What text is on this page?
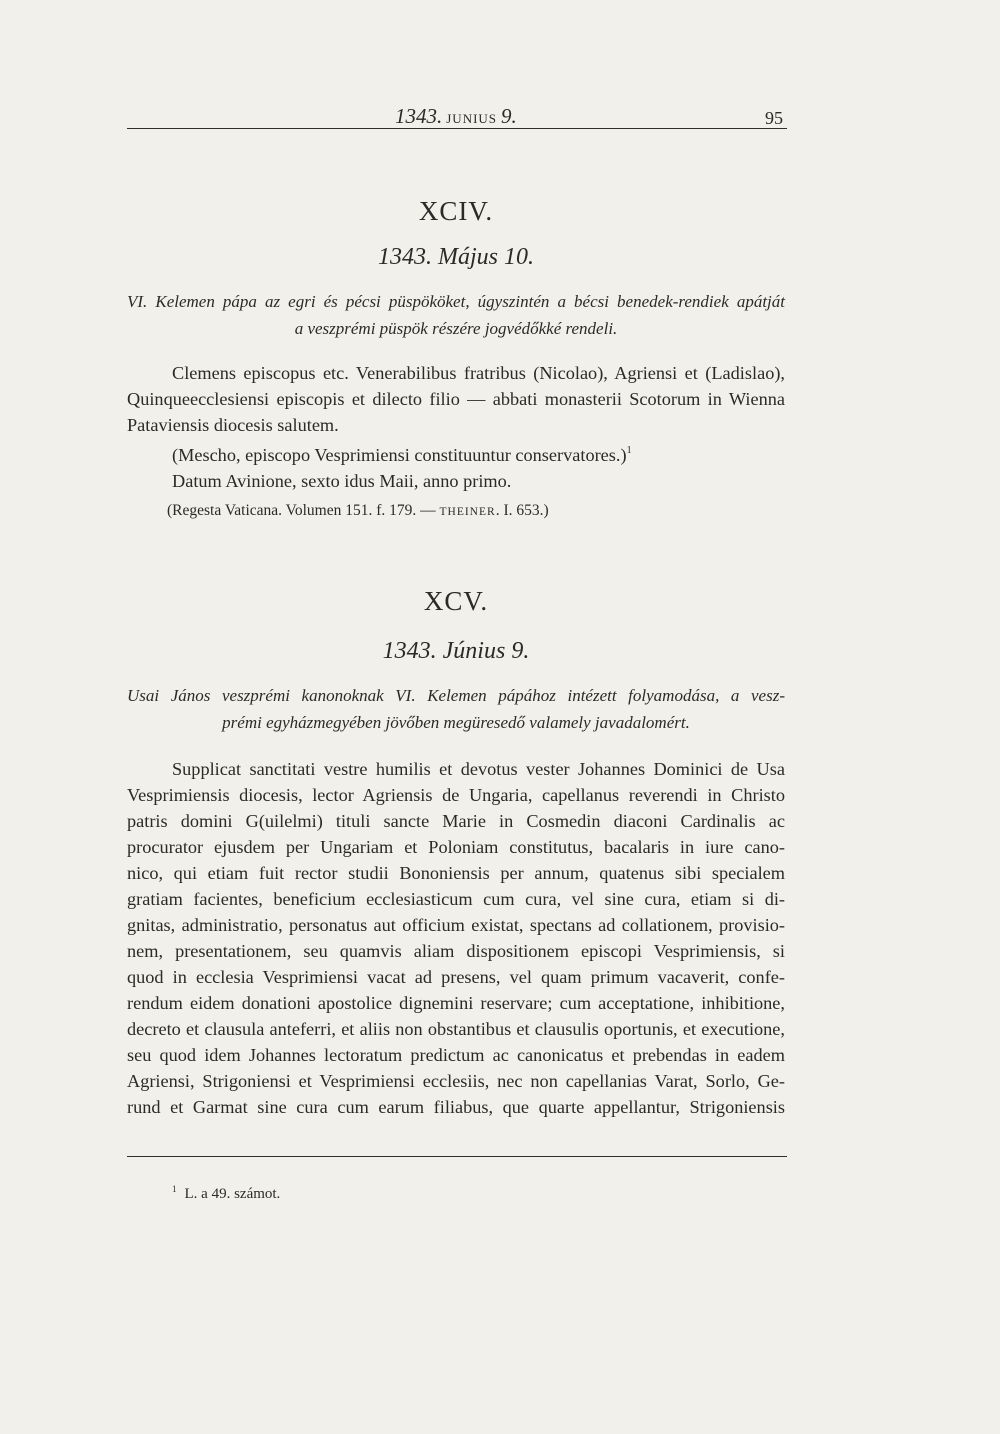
1343. JUNIUS 9.	95
XCIV.
1343. Május 10.
VI. Kelemen pápa az egri és pécsi püspököket, úgyszintén a bécsi benedek-rendiek apátját
a veszprémi püspök részére jogvédőkké rendeli.
Clemens episcopus etc. Venerabilibus fratribus (Nicolao), Agriensi et (Ladislao),
Quinqueecclesiensi episcopis et dilecto filio — abbati monasterii Scotorum in Wienna
Pataviensis diocesis salutem.
(Mescho, episcopo Vesprimiensi constituuntur conservatores.)$^1$
Datum Avinione, sexto idus Maii, anno primo.
(Regesta Vaticana. Volumen 151. f. 179. — THEINER. I. 653.)
XCV.
1343. Június 9.
Usai János veszprémi kanonoknak VI. Kelemen pápához intézett folyamodása, a vesz-
prémi egyházmegyében jövőben megüresedő valamely javadalomért.
Supplicat sanctitati vestre humilis et devotus vester Johannes Dominici de Usa
Vesprimiensis diocesis, lector Agriensis de Ungaria, capellanus reverendi in Christo
patris domini G(uilelmi) tituli sancte Marie in Cosmedin diaconi Cardinalis ac
procurator ejusdem per Ungariam et Poloniam constitutus, bacalaris in iure cano-
nico, qui etiam fuit rector studii Bononiensis per annum, quatenus sibi specialem
gratiam facientes, beneficium ecclesiasticum cum cura, vel sine cura, etiam si di-
gnitas, administratio, personatus aut officium existat, spectans ad collationem, provisio-
nem, presentationem, seu quamvis aliam dispositionem episcopi Vesprimiensis, si
quod in ecclesia Vesprimiensi vacat ad presens, vel quam primum vacaverit, confe-
rendum eidem donationi apostolice dignemini reservare; cum acceptatione, inhibitione,
decreto et clausula anteferri, et aliis non obstantibus et clausulis oportunis, et executione,
seu quod idem Johannes lectoratum predictum ac canonicatus et prebendas in eadem
Agriensi, Strigoniensi et Vesprimiensi ecclesiis, nec non capellanias Varat, Sorlo, Ge-
rund et Garmat sine cura cum earum filiabus, que quarte appellantur, Strigoniensis
$^1$ L. a 49. számot.
